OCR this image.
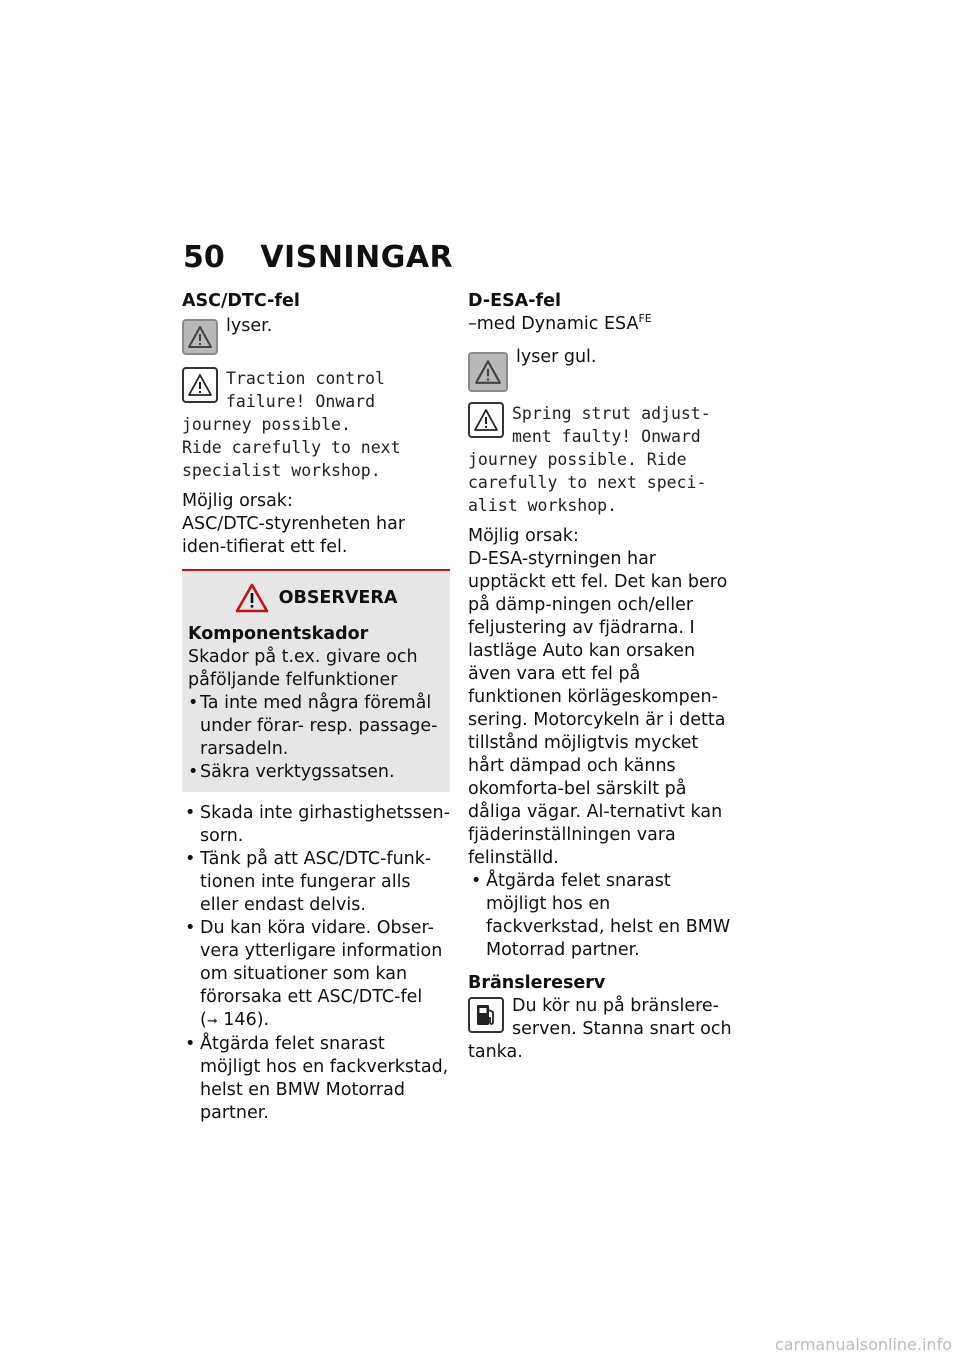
50 VISNINGAR
ASC/DTC-fel

lyser.

Traction control
failure! Onward
journey possible.
Ride carefully to next
specialist workshop.

Möjlig orsak:

ASC/DTC-styrenheten har iden-tifierat ett fel.

OBSERVERA
Komponentskador

Skador på t.ex. givare och påföljande felfunktioner

• Ta inte med några föremål under förar- resp. passage-rarsadeln.
• Säkra verktygssatsen.
• Skada inte girhastighetssen-sorn.
• Tänk på att ASC/DTC-funk-tionen inte fungerar alls eller endast delvis.
• Du kan köra vidare. Obser-vera ytterligare information om situationer som kan förorsaka ett ASC/DTC-fel
(➞ 146).
• Åtgärda felet snarast möjligt hos en fackverkstad, helst en BMW Motorrad partner.
D-ESA-fel

–med Dynamic $ESA^{FE}$

lyser gul.

Spring strut adjust-
ment faulty! Onward
journey possible. Ride
carefully to next speci-
alist workshop.

Möjlig orsak:

D-ESA-styrningen har upptäckt ett fel. Det kan bero på dämp-ningen och/eller feljustering av fjädrarna. I lastläge Auto kan orsaken även vara ett fel på funktionen körlägeskompen-sering. Motorcykeln är i detta tillstånd möjligtvis mycket hårt dämpad och känns okomforta-bel särskilt på dåliga vägar. Al-ternativt kan fjäderinställningen vara felinställd.

• Åtgärda felet snarast möjligt hos en fackverkstad, helst en BMW Motorrad partner.
Bränslereserv

Du kör nu på bränslere-serven. Stanna snart och

tanka.

carmanualsonline.info
